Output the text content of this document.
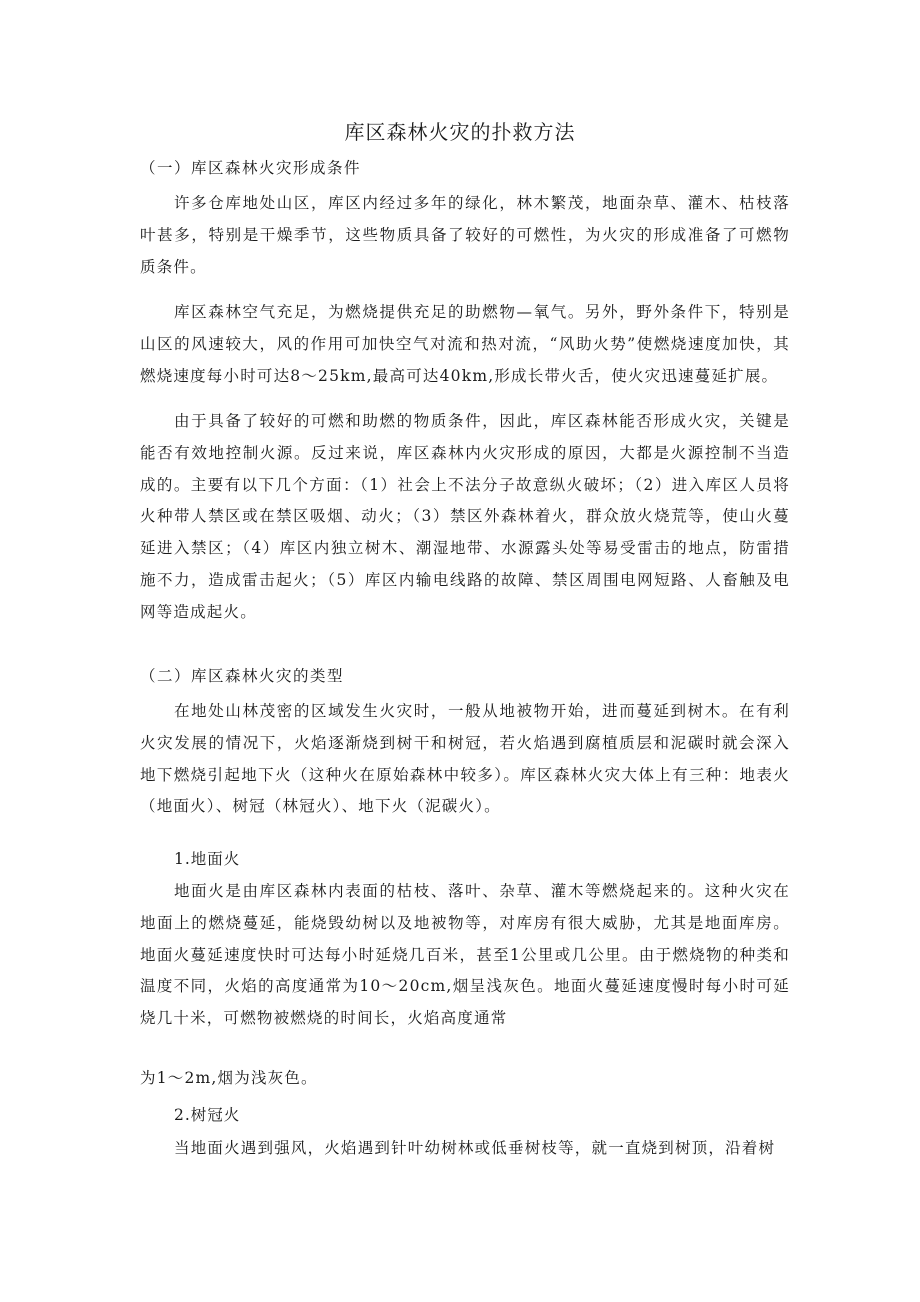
库区森林火灾的扑救方法
（一）库区森林火灾形成条件

许多仓库地处山区，库区内经过多年的绿化，林木繁茂，地面杂草、灌木、枯枝落叶甚多，特别是干燥季节，这些物质具备了较好的可燃性，为火灾的形成准备了可燃物质条件。

库区森林空气充足，为燃烧提供充足的助燃物—氧气。另外，野外条件下，特别是山区的风速较大，风的作用可加快空气对流和热对流，“风助火势”使燃烧速度加快，其燃烧速度每小时可达8～25km,最高可达40km,形成长带火舌，使火灾迅速蔓延扩展。

由于具备了较好的可燃和助燃的物质条件，因此，库区森林能否形成火灾，关键是能否有效地控制火源。反过来说，库区森林内火灾形成的原因，大都是火源控制不当造成的。主要有以下几个方面：（1）社会上不法分子故意纵火破坏；（2）进入库区人员将火种带人禁区或在禁区吸烟、动火；（3）禁区外森林着火，群众放火烧荒等，使山火蔓延进入禁区；（4）库区内独立树木、潮湿地带、水源露头处等易受雷击的地点，防雷措施不力，造成雷击起火；（5）库区内输电线路的故障、禁区周围电网短路、人畜触及电网等造成起火。

（二）库区森林火灾的类型

在地处山林茂密的区域发生火灾时，一般从地被物开始，进而蔓延到树木。在有利火灾发展的情况下，火焰逐渐烧到树干和树冠，若火焰遇到腐植质层和泥碳时就会深入地下燃烧引起地下火（这种火在原始森林中较多）。库区森林火灾大体上有三种：地表火（地面火）、树冠（林冠火）、地下火（泥碳火）。

1.地面火

地面火是由库区森林内表面的枯枝、落叶、杂草、灌木等燃烧起来的。这种火灾在地面上的燃烧蔓延，能烧毁幼树以及地被物等，对库房有很大威胁，尤其是地面库房。地面火蔓延速度快时可达每小时延烧几百米，甚至1公里或几公里。由于燃烧物的种类和温度不同，火焰的高度通常为10～20cm,烟呈浅灰色。地面火蔓延速度慢时每小时可延烧几十米，可燃物被燃烧的时间长，火焰高度通常

为1～2m,烟为浅灰色。
2.树冠火

当地面火遇到强风，火焰遇到针叶幼树林或低垂树枝等，就一直烧到树顶，沿着树
